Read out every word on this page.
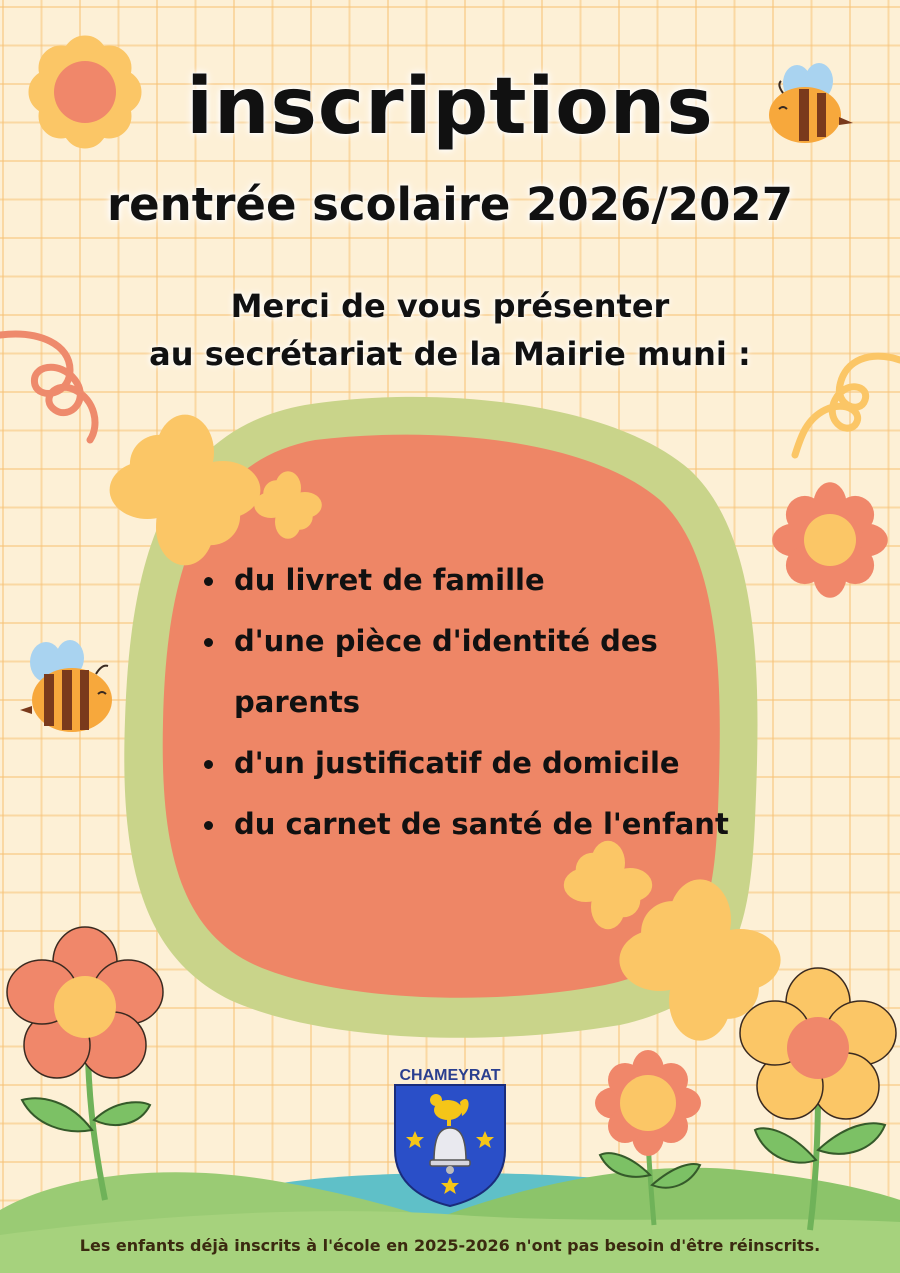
inscriptions
rentrée scolaire 2026/2027
Merci de vous présenter
au secrétariat de la Mairie muni :
du livret de famille
d'une pièce d'identité des parents
d'un justificatif de domicile
du carnet de santé de l'enfant
CHAMEYRAT
Les enfants déjà inscrits à l'école en 2025-2026 n'ont pas besoin d'être réinscrits.
